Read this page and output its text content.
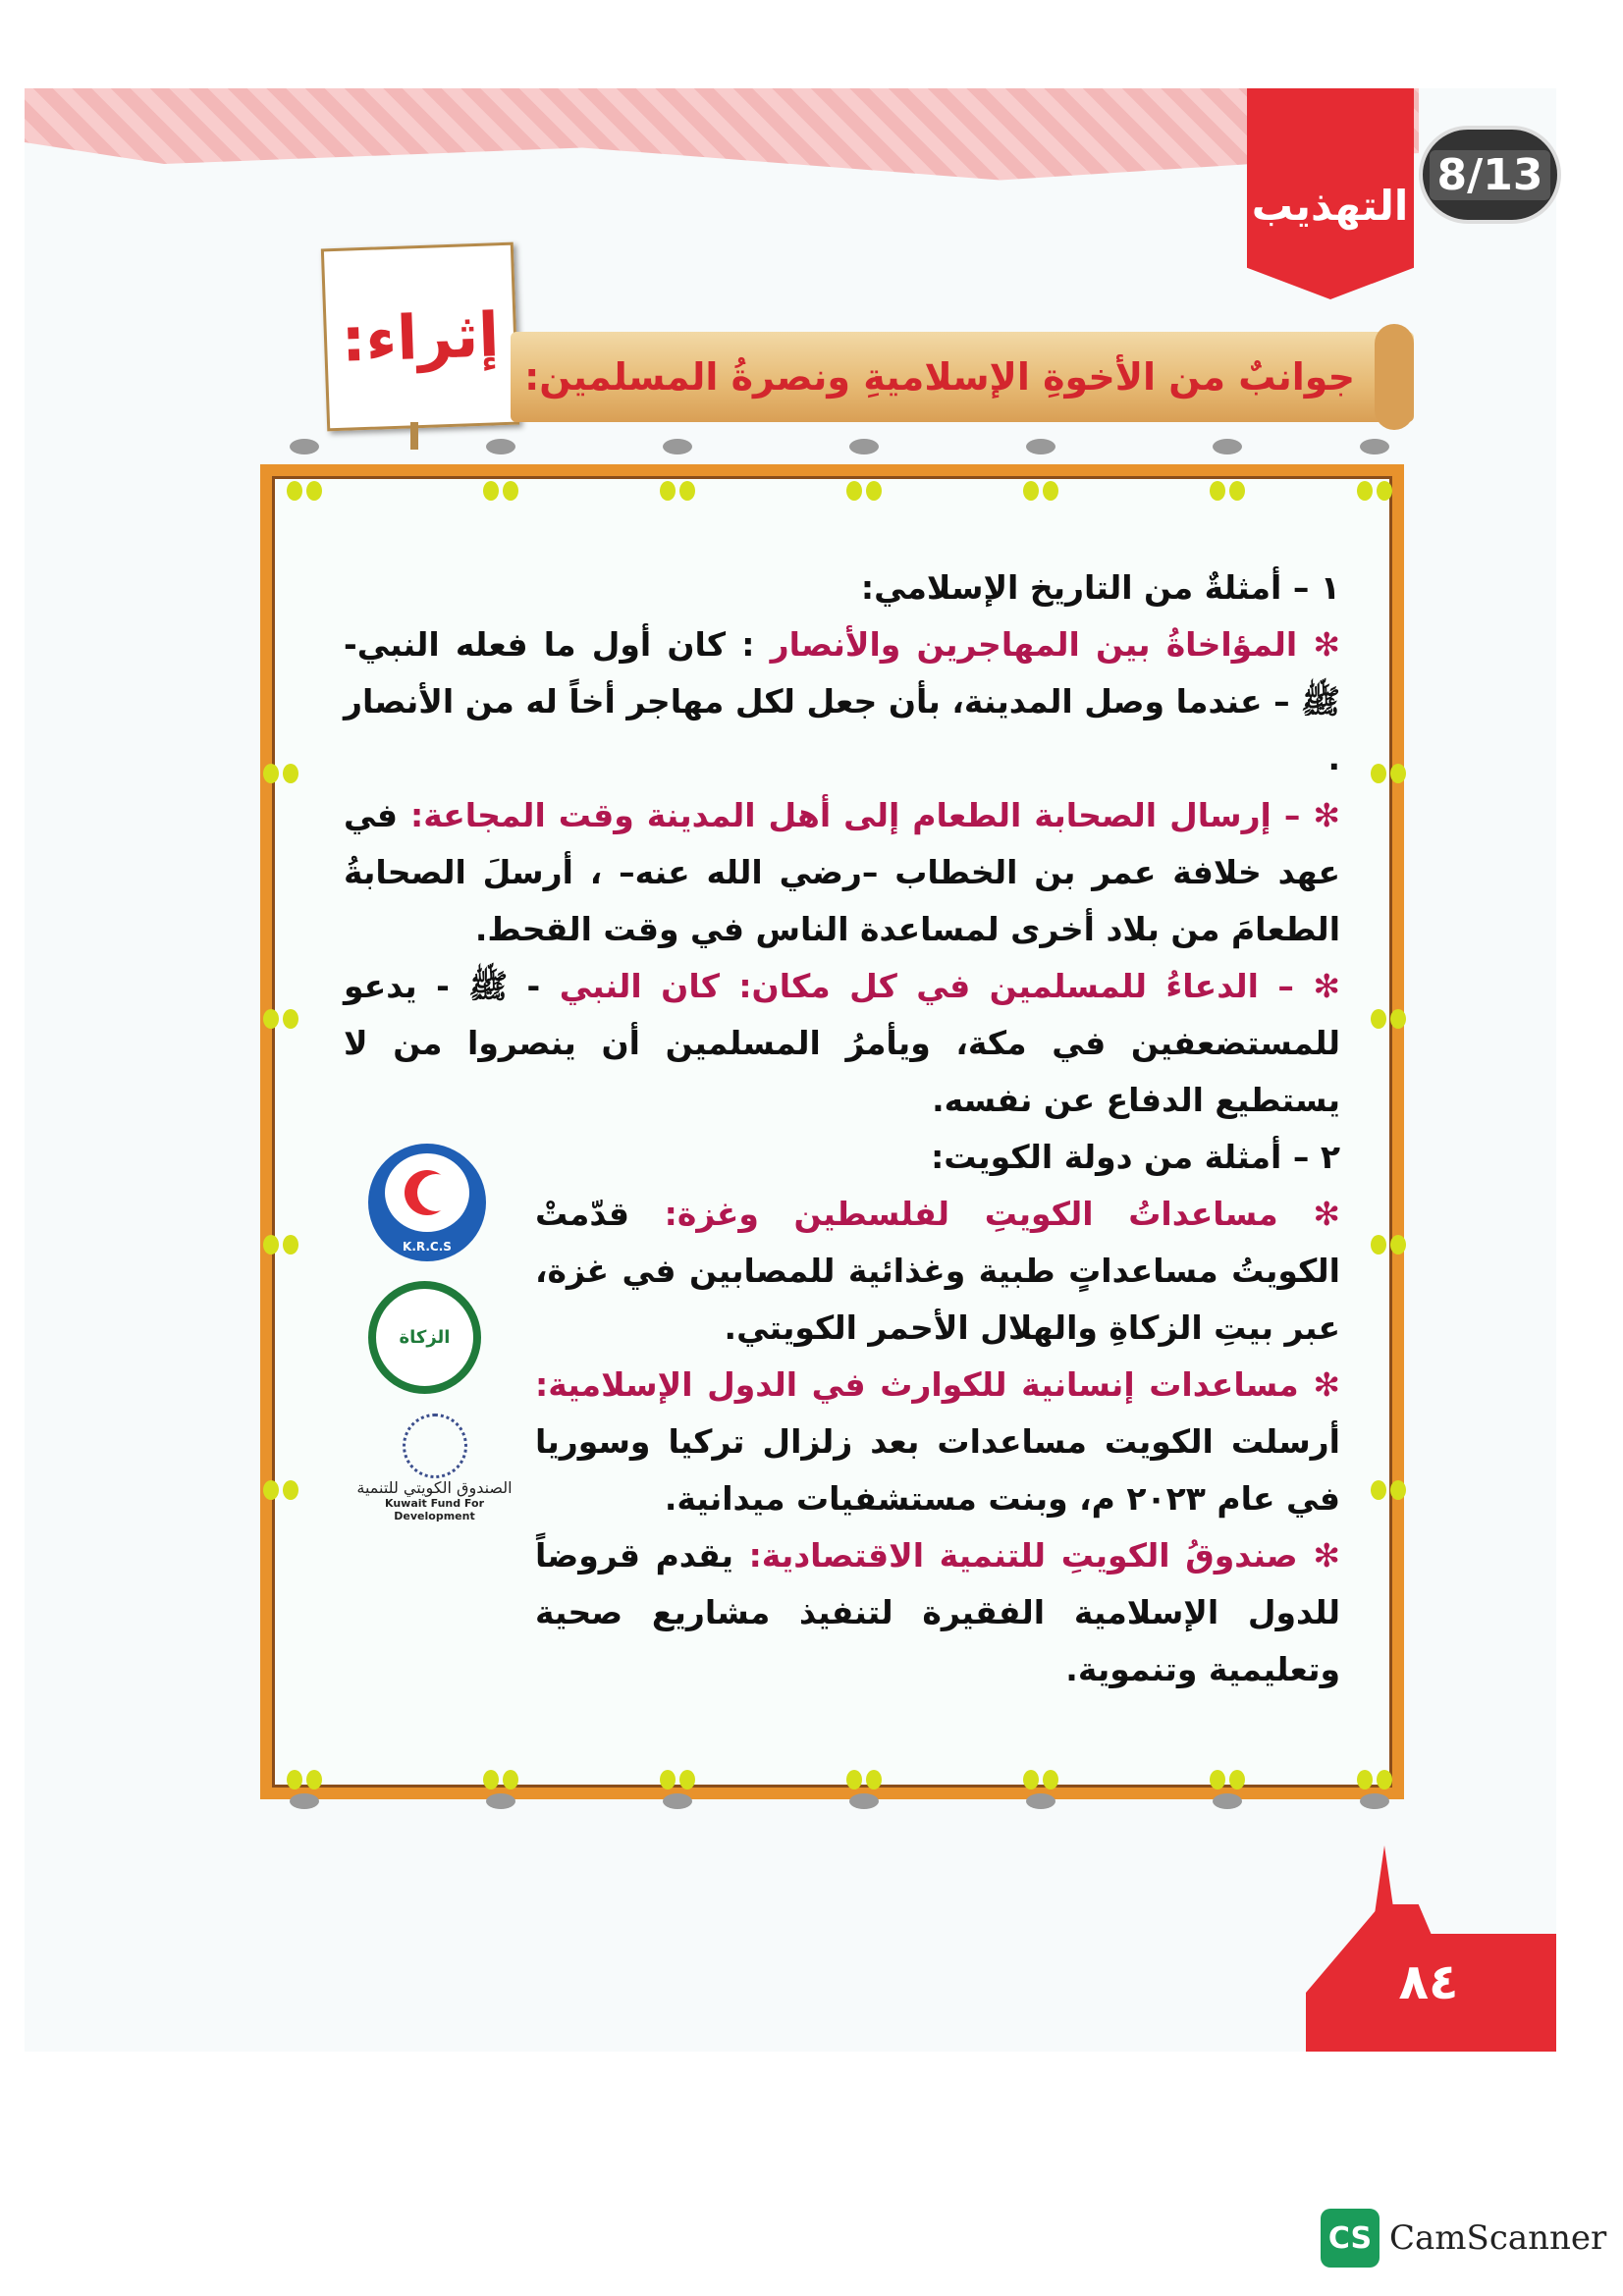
التهذيب
8/13
إثراء:
جوانبٌ من الأخوةِ الإسلاميةِ ونصرةُ المسلمين:

١ – أمثلةٌ من التاريخ الإسلامي:

✻ المؤاخاةُ بين المهاجرين والأنصار : كان أول ما فعله النبي- ﷺ – عندما وصل المدينة، بأن جعل لكل مهاجر أخاً له من الأنصار .

✻ – إرسال الصحابة الطعام إلى أهل المدينة وقت المجاعة: في عهد خلافة عمر بن الخطاب –رضي الله عنه– ، أرسلَ الصحابةُ الطعامَ من بلاد أخرى لمساعدة الناس في وقت القحط.

✻ – الدعاءُ للمسلمين في كل مكان: كان النبي - ﷺ - يدعو للمستضعفين في مكة، ويأمرُ المسلمين أن ينصروا من لا يستطيع الدفاع عن نفسه.

٢ – أمثلة من دولة الكويت:

✻ مساعداتُ الكويتِ لفلسطين وغزة: قدّمتْ الكويتُ مساعداتٍ طبية وغذائية للمصابين في غزة، عبر بيتِ الزكاةِ والهلال الأحمر الكويتي.

✻ مساعدات إنسانية للكوارث في الدول الإسلامية: أرسلت الكويت مساعدات بعد زلزال تركيا وسوريا في عام ٢٠٢٣ م، وبنت مستشفيات ميدانية.

✻ صندوقُ الكويتِ للتنمية الاقتصادية: يقدم قروضاً للدول الإسلامية الفقيرة لتنفيذ مشاريع صحية وتعليمية وتنموية.

K.R.C.S
الزكاة
الصندوق الكويتي للتنمية
Kuwait Fund For Development
٨٤
CS CamScanner
